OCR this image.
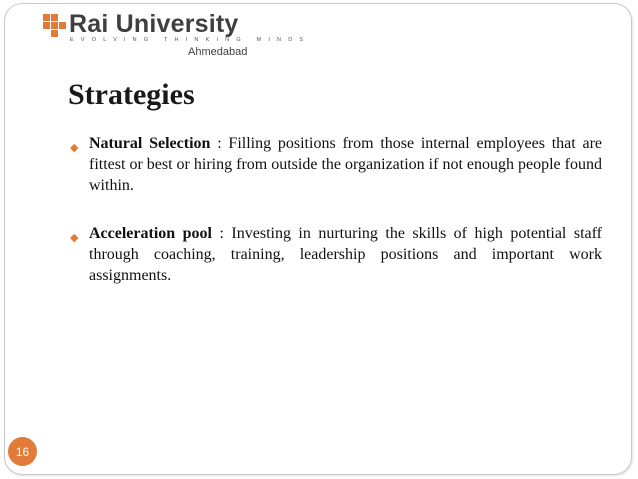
Rai University
EVOLVING THINKING MINDS
Ahmedabad
Strategies
◆ Natural Selection : Filling positions from those internal employees that are fittest or best or hiring from outside the organization if not enough people found within.
◆ Acceleration pool : Investing in nurturing the skills of high potential staff through coaching, training, leadership positions and important work assignments.
16
